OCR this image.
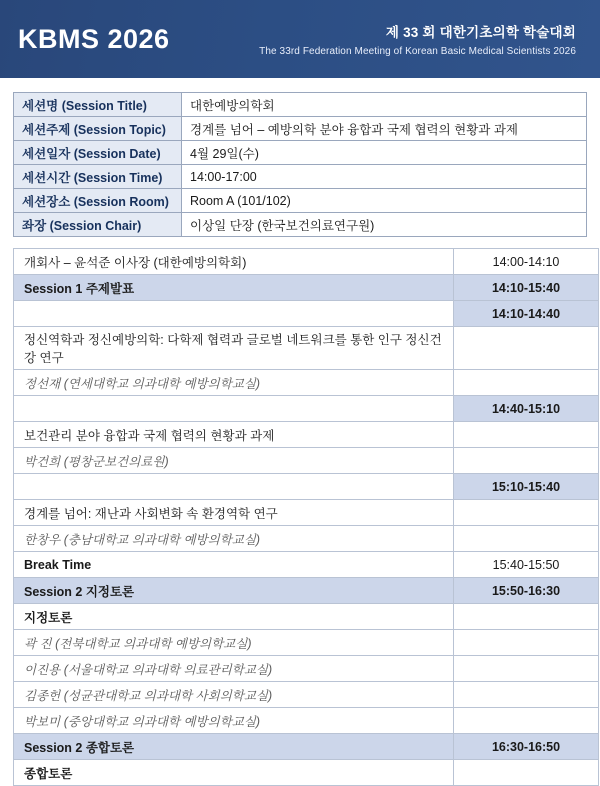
KBMS 2026	제 33 회 대한기초의학 학술대회
The 33rd Federation Meeting of Korean Basic Medical Scientists 2026
세션명 (Session Title)	대한예방의학회
세션주제 (Session Topic)	경계를 넘어 – 예방의학 분야 융합과 국제 협력의 현황과 과제
세션일자 (Session Date)	4월 29일(수)
세션시간 (Session Time)	14:00-17:00
세션장소 (Session Room)	Room A (101/102)
좌장 (Session Chair)	이상일 단장 (한국보건의료연구원)
개회사 – 윤석준 이사장 (대한예방의학회)	14:00-14:10
Session 1 주제발표	14:10-15:40
	14:10-14:40
정신역학과 정신예방의학: 다학제 협력과 글로벌 네트워크를 통한 인구 정신건강 연구	
정선재 (연세대학교 의과대학 예방의학교실)	
	14:40-15:10
보건관리 분야 융합과 국제 협력의 현황과 과제	
박건희 (평창군보건의료원)	
	15:10-15:40
경계를 넘어: 재난과 사회변화 속 환경역학 연구	
한창우 (충남대학교 의과대학 예방의학교실)	
Break Time	15:40-15:50
Session 2 지정토론	15:50-16:30
지정토론	
곽 진 (전북대학교 의과대학 예방의학교실)	
이진용 (서울대학교 의과대학 의료관리학교실)	
김종헌 (성균관대학교 의과대학 사회의학교실)	
박보미 (중앙대학교 의과대학 예방의학교실)	
Session 2 종합토론	16:30-16:50
종합토론	
